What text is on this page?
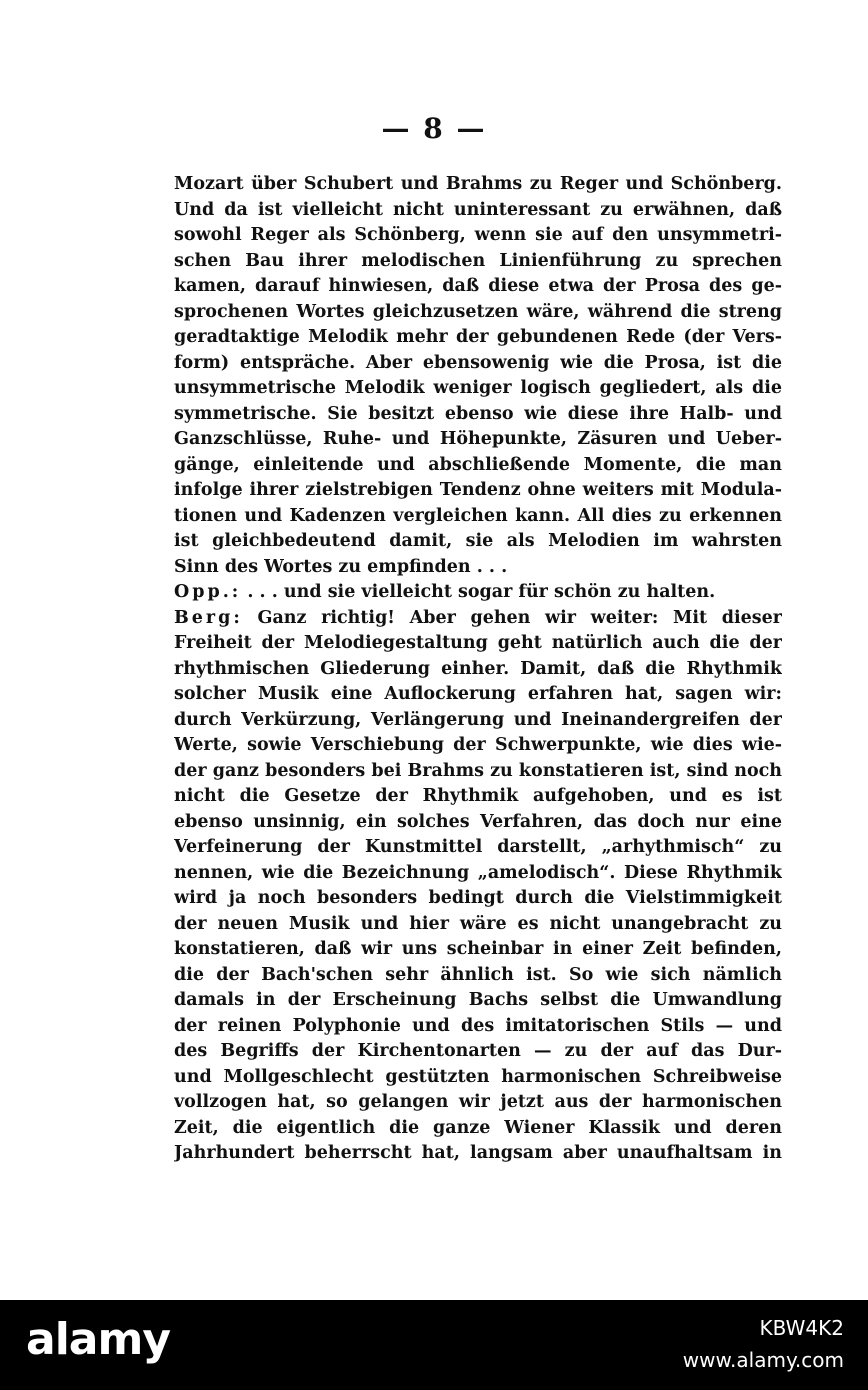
— 8 —
Mozart über Schubert und Brahms zu Reger und Schönberg.
Und da ist vielleicht nicht uninteressant zu erwähnen, daß
sowohl Reger als Schönberg, wenn sie auf den unsymmetri-
schen Bau ihrer melodischen Linienführung zu sprechen
kamen, darauf hinwiesen, daß diese etwa der Prosa des ge-
sprochenen Wortes gleichzusetzen wäre, während die streng
geradtaktige Melodik mehr der gebundenen Rede (der Vers-
form) entspräche. Aber ebensowenig wie die Prosa, ist die
unsymmetrische Melodik weniger logisch gegliedert, als die
symmetrische. Sie besitzt ebenso wie diese ihre Halb- und
Ganzschlüsse, Ruhe- und Höhepunkte, Zäsuren und Ueber-
gänge, einleitende und abschließende Momente, die man
infolge ihrer zielstrebigen Tendenz ohne weiters mit Modula-
tionen und Kadenzen vergleichen kann. All dies zu erkennen
ist gleichbedeutend damit, sie als Melodien im wahrsten
Sinn des Wortes zu empfinden . . .
Opp.: . . . und sie vielleicht sogar für schön zu halten.
Berg: Ganz richtig! Aber gehen wir weiter: Mit dieser
Freiheit der Melodiegestaltung geht natürlich auch die der
rhythmischen Gliederung einher. Damit, daß die Rhythmik
solcher Musik eine Auflockerung erfahren hat, sagen wir:
durch Verkürzung, Verlängerung und Ineinandergreifen der
Werte, sowie Verschiebung der Schwerpunkte, wie dies wie-
der ganz besonders bei Brahms zu konstatieren ist, sind noch
nicht die Gesetze der Rhythmik aufgehoben, und es ist
ebenso unsinnig, ein solches Verfahren, das doch nur eine
Verfeinerung der Kunstmittel darstellt, „arhythmisch“ zu
nennen, wie die Bezeichnung „amelodisch“. Diese Rhythmik
wird ja noch besonders bedingt durch die Vielstimmigkeit
der neuen Musik und hier wäre es nicht unangebracht zu
konstatieren, daß wir uns scheinbar in einer Zeit befinden,
die der Bach'schen sehr ähnlich ist. So wie sich nämlich
damals in der Erscheinung Bachs selbst die Umwandlung
der reinen Polyphonie und des imitatorischen Stils — und
des Begriffs der Kirchentonarten — zu der auf das Dur-
und Mollgeschlecht gestützten harmonischen Schreibweise
vollzogen hat, so gelangen wir jetzt aus der harmonischen
Zeit, die eigentlich die ganze Wiener Klassik und deren
Jahrhundert beherrscht hat, langsam aber unaufhaltsam in
alamy	KBW4K2
www.alamy.com
